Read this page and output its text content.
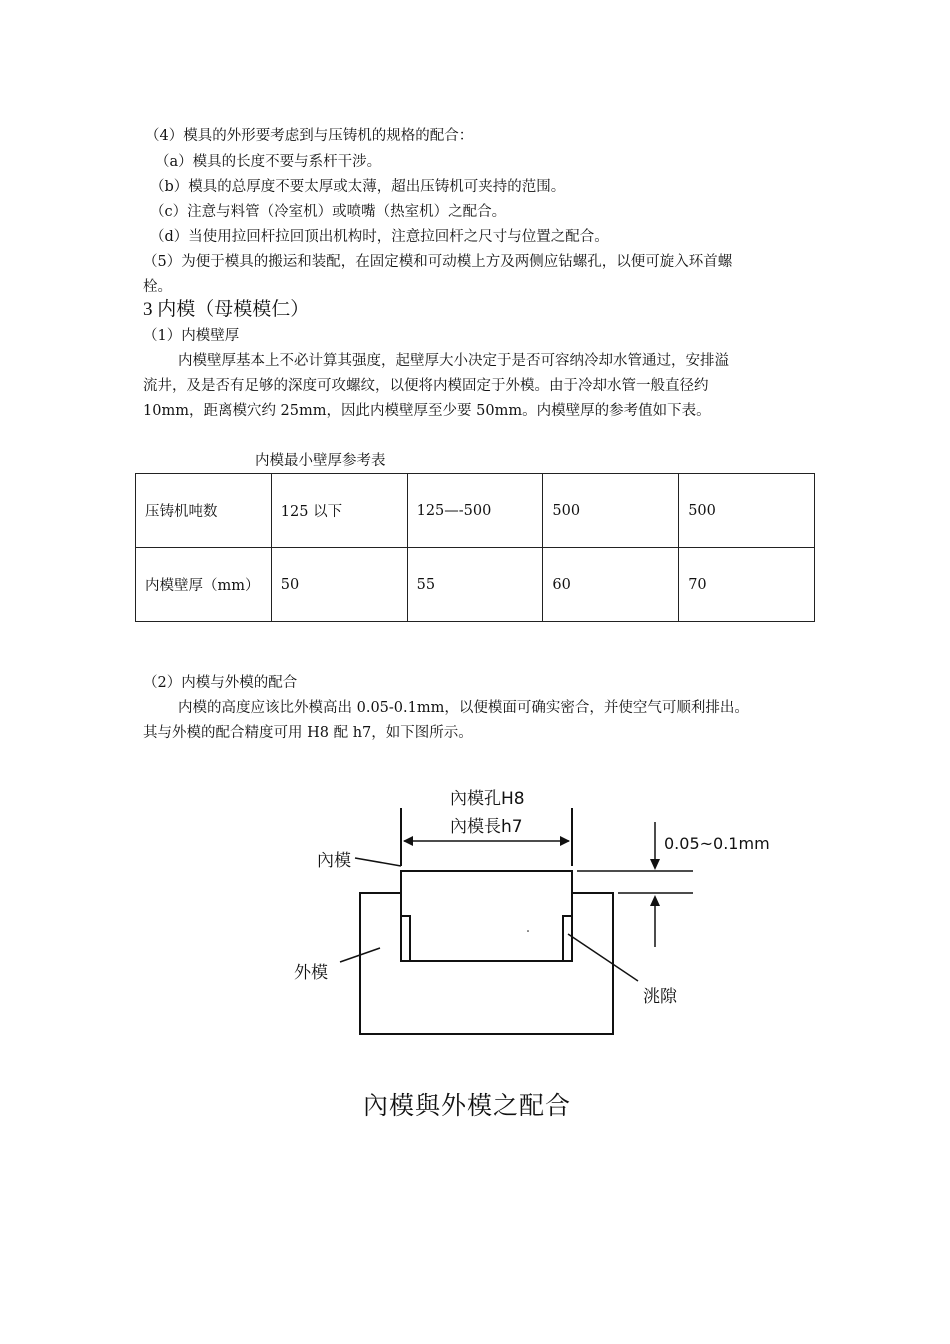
（4）模具的外形要考虑到与压铸机的规格的配合：
（a）模具的长度不要与系杆干涉。
（b）模具的总厚度不要太厚或太薄，超出压铸机可夹持的范围。
（c）注意与料管（冷室机）或喷嘴（热室机）之配合。
（d）当使用拉回杆拉回顶出机构时，注意拉回杆之尺寸与位置之配合。
（5）为便于模具的搬运和装配，在固定模和可动模上方及两侧应钻螺孔，以便可旋入环首螺
栓。
3 内模（母模模仁）
（1）内模壁厚
内模壁厚基本上不必计算其强度，起壁厚大小决定于是否可容纳冷却水管通过，安排溢
流井，及是否有足够的深度可攻螺纹，以便将内模固定于外模。由于冷却水管一般直径约
10mm，距离模穴约 25mm，因此内模壁厚至少要 50mm。内模壁厚的参考值如下表。
内模最小壁厚参考表
压铸机吨数	125 以下	125—-500	500	500
内模壁厚（mm）	50	55	60	70
（2）内模与外模的配合
内模的高度应该比外模高出 0.05-0.1mm，以便模面可确实密合，并使空气可顺利排出。
其与外模的配合精度可用 H8 配 h7，如下图所示。
內模孔H8
內模長h7
0.05~0.1mm
內模
外模
洮隙
內模與外模之配合
